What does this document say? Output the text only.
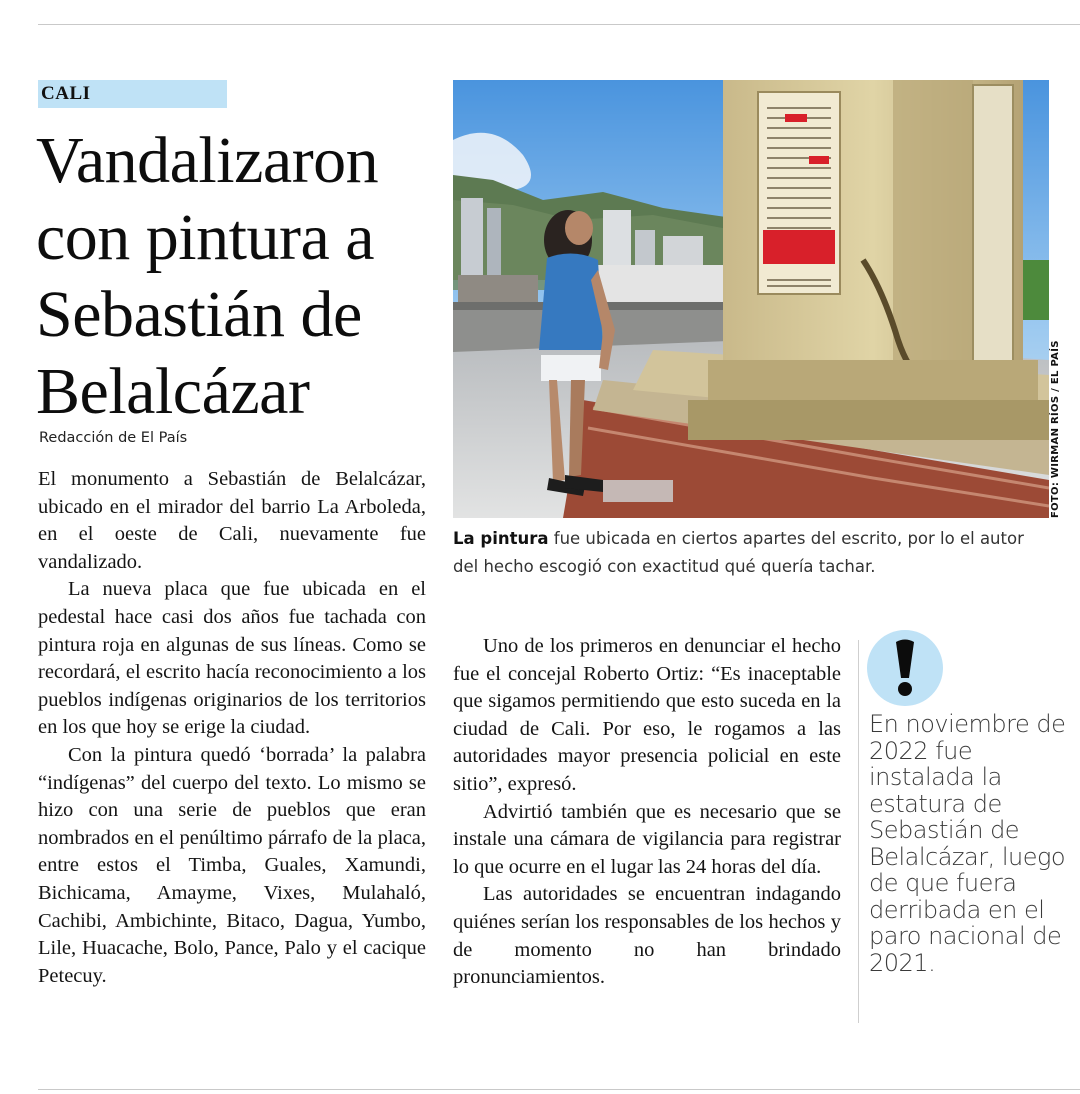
CALI
Vandalizaron con pintura a Sebastián de Belalcázar
Redacción de El País

El monumento a Sebastián de Belalcázar, ubicado en el mirador del barrio La Arboleda, en el oeste de Cali, nuevamente fue vandalizado.

La nueva placa que fue ubicada en el pedestal hace casi dos años fue tachada con pintura roja en algunas de sus líneas. Como se recordará, el escrito hacía reconocimiento a los pueblos indígenas originarios de los territorios en los que hoy se erige la ciudad.

Con la pintura quedó ‘borrada’ la palabra “indígenas” del cuerpo del texto. Lo mismo se hizo con una serie de pueblos que eran nombrados en el penúltimo párrafo de la placa, entre estos el Timba, Guales, Xamundi, Bichicama, Amayme, Vixes, Mulahaló, Cachibi, Ambichinte, Bitaco, Dagua, Yumbo, Lile, Huacache, Bolo, Pance, Palo y el cacique Petecuy.

FOTO: WIRMAN RÍOS / EL PAÍS
La pintura fue ubicada en ciertos apartes del escrito, por lo el autor del hecho escogió con exactitud qué quería tachar.

Uno de los primeros en denunciar el hecho fue el concejal Roberto Ortiz: “Es inaceptable que sigamos permitiendo que esto suceda en la ciudad de Cali. Por eso, le rogamos a las autoridades mayor presencia policial en este sitio”, expresó.

Advirtió también que es necesario que se instale una cámara de vigilancia para registrar lo que ocurre en el lugar las 24 horas del día.

Las autoridades se encuentran indagando quiénes serían los responsables de los hechos y de momento no han brindado pronunciamientos.

En noviembre de 2022 fue instalada la estatura de Sebastián de Belalcázar, luego de que fuera derribada en el paro nacional de 2021.
